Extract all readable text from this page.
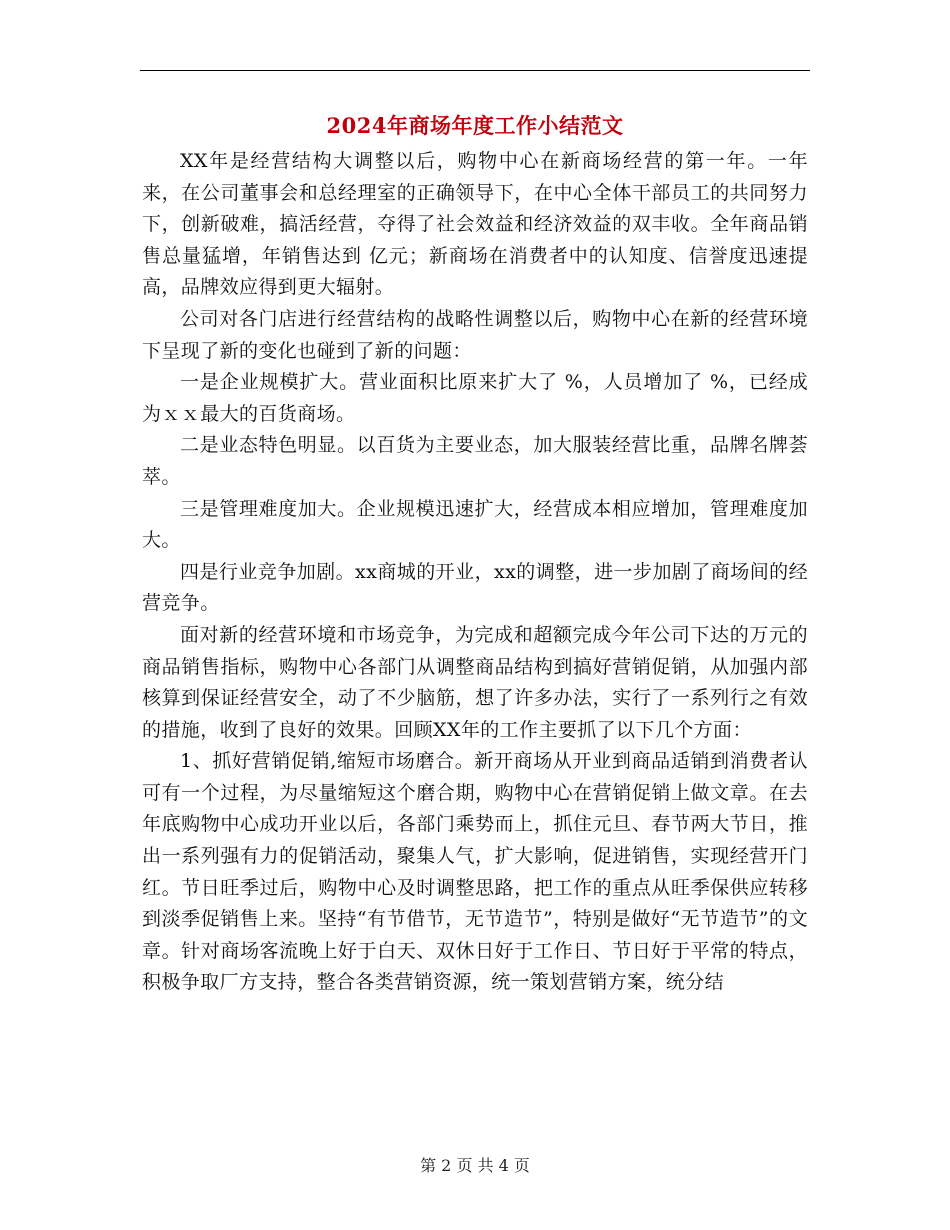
2024年商场年度工作小结范文

XX年是经营结构大调整以后，购物中心在新商场经营的第一年。一年来，在公司董事会和总经理室的正确领导下，在中心全体干部员工的共同努力下，创新破难，搞活经营，夺得了社会效益和经济效益的双丰收。全年商品销售总量猛增，年销售达到 亿元；新商场在消费者中的认知度、信誉度迅速提高，品牌效应得到更大辐射。

公司对各门店进行经营结构的战略性调整以后，购物中心在新的经营环境下呈现了新的变化也碰到了新的问题：

一是企业规模扩大。营业面积比原来扩大了 %，人员增加了 %，已经成为ｘｘ最大的百货商场。

二是业态特色明显。以百货为主要业态，加大服装经营比重，品牌名牌荟萃。

三是管理难度加大。企业规模迅速扩大，经营成本相应增加，管理难度加大。

四是行业竞争加剧。xx商城的开业，xx的调整，进一步加剧了商场间的经营竞争。

面对新的经营环境和市场竞争，为完成和超额完成今年公司下达的万元的商品销售指标，购物中心各部门从调整商品结构到搞好营销促销，从加强内部核算到保证经营安全，动了不少脑筋，想了许多办法，实行了一系列行之有效的措施，收到了良好的效果。回顾XX年的工作主要抓了以下几个方面：

1、抓好营销促销,缩短市场磨合。新开商场从开业到商品适销到消费者认可有一个过程，为尽量缩短这个磨合期，购物中心在营销促销上做文章。在去年底购物中心成功开业以后，各部门乘势而上，抓住元旦、春节两大节日，推出一系列强有力的促销活动，聚集人气，扩大影响，促进销售，实现经营开门红。节日旺季过后，购物中心及时调整思路，把工作的重点从旺季保供应转移到淡季促销售上来。坚持“有节借节，无节造节”，特别是做好“无节造节”的文章。针对商场客流晚上好于白天、双休日好于工作日、节日好于平常的特点，积极争取厂方支持，整合各类营销资源，统一策划营销方案，统分结

第 2 页 共 4 页
